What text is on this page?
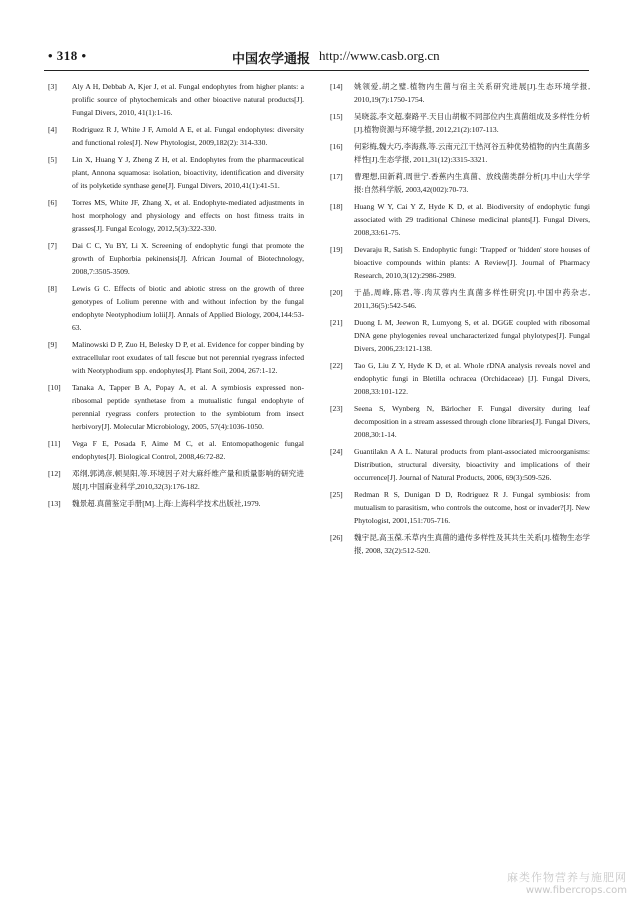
• 318 •	中国农学通报 http://www.casb.org.cn
[3]	Aly A H, Debbab A, Kjer J, et al. Fungal endophytes from higher plants: a prolific source of phytochemicals and other bioactive natural products[J]. Fungal Divers, 2010, 41(1):1-16.
[4]	Rodriguez R J, White J F, Arnold A E, et al. Fungal endophytes: diversity and functional roles[J]. New Phytologist, 2009,182(2): 314-330.
[5]	Lin X, Huang Y J, Zheng Z H, et al. Endophytes from the pharmaceutical plant, Annona squamosa: isolation, bioactivity, identification and diversity of its polyketide synthase gene[J]. Fungal Divers, 2010,41(1):41-51.
[6]	Torres MS, White JF, Zhang X, et al. Endophyte-mediated adjustments in host morphology and physiology and effects on host fitness traits in grasses[J]. Fungal Ecology, 2012,5(3):322-330.
[7]	Dai C C, Yu BY, Li X. Screening of endophytic fungi that promote the growth of Euphorbia pekinensis[J]. African Journal of Biotechnology, 2008,7:3505-3509.
[8]	Lewis G C. Effects of biotic and abiotic stress on the growth of three genotypes of Lolium perenne with and without infection by the fungal endophyte Neotyphodium lolii[J]. Annals of Applied Biology, 2004,144:53-63.
[9]	Malinowski D P, Zuo H, Belesky D P, et al. Evidence for copper binding by extracellular root exudates of tall fescue but not perennial ryegrass infected with Neotyphodium spp. endophytes[J]. Plant Soil, 2004, 267:1-12.
[10]	Tanaka A, Tapper B A, Popay A, et al. A symbiosis expressed non-ribosomal peptide synthetase from a mutualistic fungal endophyte of perennial ryegrass confers protection to the symbiotum from insect herbivory[J]. Molecular Microbiology, 2005, 57(4):1036-1050.
[11]	Vega F E, Posada F, Aime M C, et al. Entomopathogenic fungal endophytes[J]. Biological Control, 2008,46:72-82.
[12]	邓纲,郭鸿彦,顿昊阳,等.环境因子对大麻纤维产量和质量影响的研究进展[J].中国麻业科学,2010,32(3):176-182.
[13]	魏景超.真菌鉴定手册[M].上海:上海科学技术出版社,1979.
[14]	姚领爱,胡之璧.植物内生菌与宿主关系研究进展[J].生态环境学报, 2010,19(7):1750-1754.
[15]	吴晓蕊,李文超,秦路平.天目山胡椒不同部位内生真菌组成及多样性分析[J].植物资源与环境学报, 2012,21(2):107-113.
[16]	何彩梅,魏大巧,李海燕,等.云南元江干热河谷五种优势植物的内生真菌多样性[J].生态学报, 2011,31(12):3315-3321.
[17]	曹理想,田新莉,周世宁.香蕉内生真菌、放线菌类群分析[J].中山大学学报:自然科学版, 2003,42(002):70-73.
[18]	Huang W Y, Cai Y Z, Hyde K D, et al. Biodiversity of endophytic fungi associated with 29 traditional Chinese medicinal plants[J]. Fungal Divers, 2008,33:61-75.
[19]	Devaraju R, Satish S. Endophytic fungi: 'Trapped' or 'hidden' store houses of bioactive compounds within plants: A Review[J]. Journal of Pharmacy Research, 2010,3(12):2986-2989.
[20]	于晶,周峰,陈君,等.肉苁蓉内生真菌多样性研究[J].中国中药杂志, 2011,36(5):542-546.
[21]	Duong L M, Jeewon R, Lumyong S, et al. DGGE coupled with ribosomal DNA gene phylogenies reveal uncharacterized fungal phylotypes[J]. Fungal Divers, 2006,23:121-138.
[22]	Tao G, Liu Z Y, Hyde K D, et al. Whole rDNA analysis reveals novel and endophytic fungi in Bletilla ochracea (Orchidaceae) [J]. Fungal Divers, 2008,33:101-122.
[23]	Seena S, Wynberg N, Bärlocher F. Fungal diversity during leaf decomposition in a stream assessed through clone libraries[J]. Fungal Divers, 2008,30:1-14.
[24]	Guantilakn A A L. Natural products from plant-associated microorganisms: Distribution, structural diversity, bioactivity and implications of their occurrence[J]. Journal of Natural Products, 2006, 69(3):509-526.
[25]	Redman R S, Dunigan D D, Rodriguez R J. Fungal symbiosis: from mutualism to parasitism, who controls the outcome, host or invader?[J]. New Phytologist, 2001,151:705-716.
[26]	魏宇昆,高玉葆.禾草内生真菌的遗传多样性及其共生关系[J].植物生态学报, 2008, 32(2):512-520.
麻类作物营养与施肥网
www.fibercrops.com
